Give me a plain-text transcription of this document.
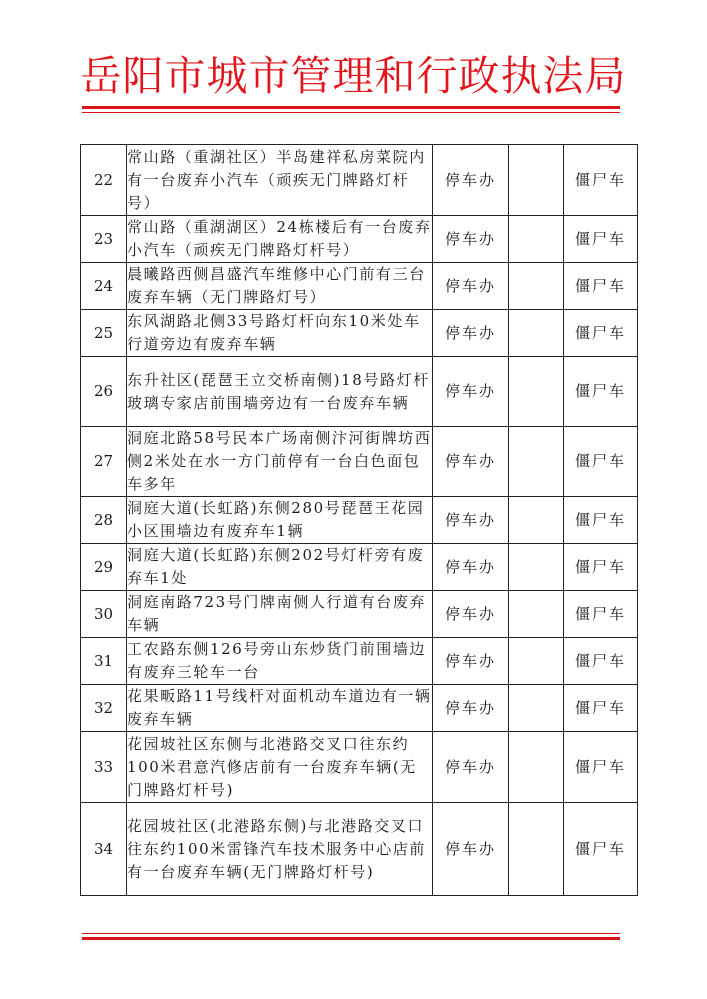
岳阳市城市管理和行政执法局
22	常山路（重湖社区）半岛建祥私房菜院内有一台废弃小汽车（顽疾无门牌路灯杆号）	停车办		僵尸车
23	常山路（重湖湖区）24栋楼后有一台废弃小汽车（顽疾无门牌路灯杆号）	停车办		僵尸车
24	晨曦路西侧昌盛汽车维修中心门前有三台废弃车辆（无门牌路灯号）	停车办		僵尸车
25	东风湖路北侧33号路灯杆向东10米处车行道旁边有废弃车辆	停车办		僵尸车
26	东升社区(琵琶王立交桥南侧)18号路灯杆玻璃专家店前围墙旁边有一台废弃车辆	停车办		僵尸车
27	洞庭北路58号民本广场南侧汴河街牌坊西侧2米处在水一方门前停有一台白色面包车多年	停车办		僵尸车
28	洞庭大道(长虹路)东侧280号琵琶王花园小区围墙边有废弃车1辆	停车办		僵尸车
29	洞庭大道(长虹路)东侧202号灯杆旁有废弃车1处	停车办		僵尸车
30	洞庭南路723号门牌南侧人行道有台废弃车辆	停车办		僵尸车
31	工农路东侧126号旁山东炒货门前围墙边有废弃三轮车一台	停车办		僵尸车
32	花果畈路11号线杆对面机动车道边有一辆废弃车辆	停车办		僵尸车
33	花园坡社区东侧与北港路交叉口往东约100米君意汽修店前有一台废弃车辆(无门牌路灯杆号)	停车办		僵尸车
34	花园坡社区(北港路东侧)与北港路交叉口往东约100米雷锋汽车技术服务中心店前有一台废弃车辆(无门牌路灯杆号)	停车办		僵尸车
